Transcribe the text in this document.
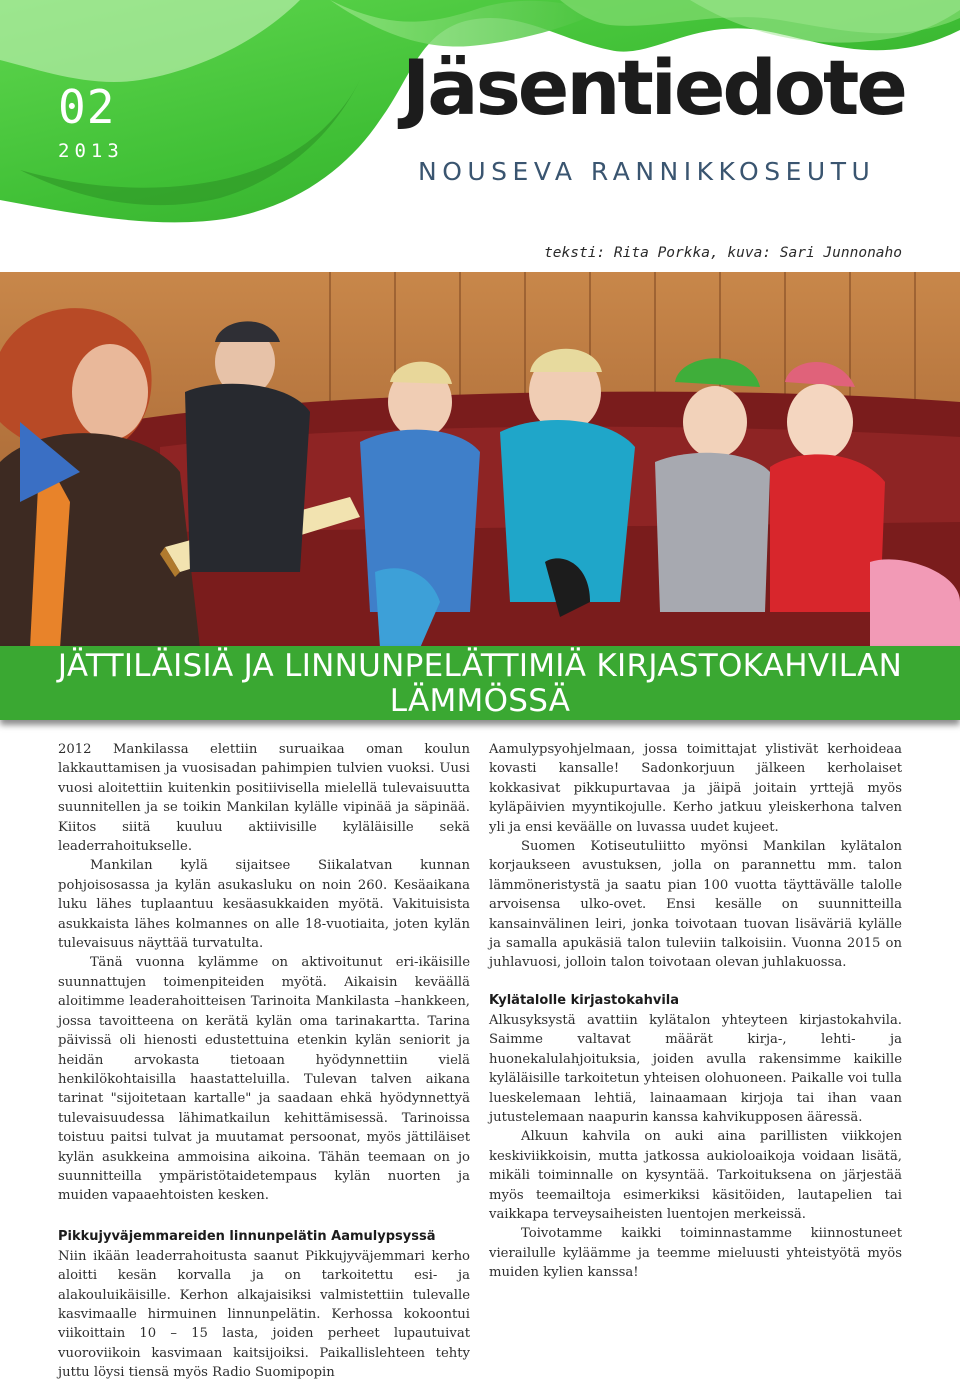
02
2013
Jäsentiedote
NOUSEVA RANNIKKOSEUTU
teksti: Rita Porkka, kuva: Sari Junnonaho
JÄTTILÄISIÄ JA LINNUNPELÄTTIMIÄ KIRJASTOKAHVILAN
LÄMMÖSSÄ

2012 Mankilassa elettiin suruaikaa oman koulun lakkauttamisen ja vuosisadan pahimpien tulvien vuoksi. Uusi vuosi aloitettiin kuitenkin positiivisella mielellä tulevaisuutta suunnitellen ja se toikin Mankilan kylälle vipinää ja säpinää. Kiitos siitä kuuluu aktiivisille kyläläisille sekä leaderrahoitukselle.

Mankilan kylä sijaitsee Siikalatvan kunnan pohjoisosassa ja kylän asukasluku on noin 260. Kesäaikana luku lähes tuplaantuu kesäasukkaiden myötä. Vakituisista asukkaista lähes kolmannes on alle 18-vuotiaita, joten kylän tulevaisuus näyttää turvatulta.

Tänä vuonna kylämme on aktivoitunut eri-ikäisille suunnattujen toimenpiteiden myötä. Aikaisin keväällä aloitimme leaderahoitteisen Tarinoita Mankilasta –hankkeen, jossa tavoitteena on kerätä kylän oma tarinakartta. Tarina päivissä oli hienosti edustettuina etenkin kylän seniorit ja heidän arvokasta tietoaan hyödynnettiin vielä henkilökohtaisilla haastatteluilla. Tulevan talven aikana tarinat "sijoitetaan kartalle" ja saadaan ehkä hyödynnettyä tulevaisuudessa lähimatkailun kehittämisessä. Tarinoissa toistuu paitsi tulvat ja muutamat persoonat, myös jättiläiset kylän asukkeina ammoisina aikoina. Tähän teemaan on jo suunnitteilla ympäristötaidetempaus kylän nuorten ja muiden vapaaehtoisten kesken.

Pikkujyväjemmareiden linnunpelätin Aamulypsyssä

Niin ikään leaderrahoitusta saanut Pikkujyväjemmari kerho aloitti kesän korvalla ja on tarkoitettu esi- ja alakouluikäisille. Kerhon alkajaisiksi valmistettiin tulevalle kasvimaalle hirmuinen linnunpelätin. Kerhossa kokoontui viikoittain 10 – 15 lasta, joiden perheet lupautuivat vuoroviikoin kasvimaan kaitsijoiksi. Paikallislehteen tehty juttu löysi tiensä myös Radio Suomipopin

Aamulypsyohjelmaan, jossa toimittajat ylistivät kerhoideaa kovasti kansalle! Sadonkorjuun jälkeen kerholaiset kokkasivat pikkupurtavaa ja jäipä joitain yrttejä myös kyläpäivien myyntikojulle. Kerho jatkuu yleiskerhona talven yli ja ensi keväälle on luvassa uudet kujeet.

Suomen Kotiseutuliitto myönsi Mankilan kylätalon korjaukseen avustuksen, jolla on parannettu mm. talon lämmöneristystä ja saatu pian 100 vuotta täyttävälle talolle arvoisensa ulko-ovet. Ensi kesälle on suunnitteilla kansainvälinen leiri, jonka toivotaan tuovan lisäväriä kylälle ja samalla apukäsiä talon tuleviin talkoisiin. Vuonna 2015 on juhlavuosi, jolloin talon toivotaan olevan juhlakuossa.

Kylätalolle kirjastokahvila

Alkusyksystä avattiin kylätalon yhteyteen kirjastokahvila. Saimme valtavat määrät kirja-, lehti- ja huonekalulahjoituksia, joiden avulla rakensimme kaikille kyläläisille tarkoitetun yhteisen olohuoneen. Paikalle voi tulla lueskelemaan lehtiä, lainaamaan kirjoja tai ihan vaan jutustelemaan naapurin kanssa kahvikupposen ääressä.

Alkuun kahvila on auki aina parillisten viikkojen keskiviikkoisin, mutta jatkossa aukioloaikoja voidaan lisätä, mikäli toiminnalle on kysyntää. Tarkoituksena on järjestää myös teemailtoja esimerkiksi käsitöiden, lautapelien tai vaikkapa terveysaiheisten luentojen merkeissä.

Toivotamme kaikki toiminnastamme kiinnostuneet vierailulle kyläämme ja teemme mieluusti yhteistyötä myös muiden kylien kanssa!
